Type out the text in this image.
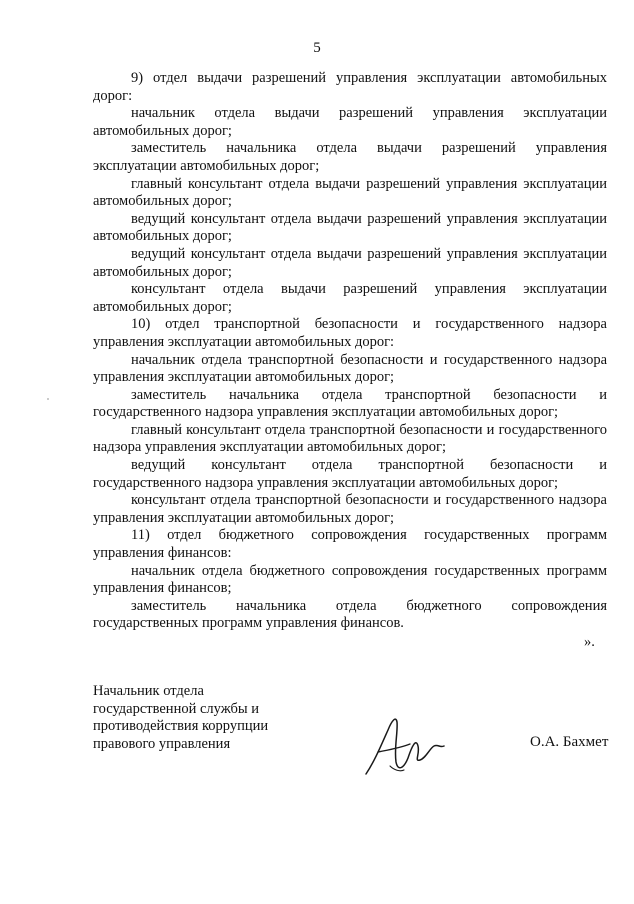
5

9) отдел выдачи разрешений управления эксплуатации автомобильных дорог:

начальник отдела выдачи разрешений управления эксплуатации автомобильных дорог;

заместитель начальника отдела выдачи разрешений управления эксплуатации автомобильных дорог;

главный консультант отдела выдачи разрешений управления эксплуатации автомобильных дорог;

ведущий консультант отдела выдачи разрешений управления эксплуатации автомобильных дорог;

ведущий консультант отдела выдачи разрешений управления эксплуатации автомобильных дорог;

консультант отдела выдачи разрешений управления эксплуатации автомобильных дорог;

10) отдел транспортной безопасности и государственного надзора управления эксплуатации автомобильных дорог:

начальник отдела транспортной безопасности и государственного надзора управления эксплуатации автомобильных дорог;

заместитель начальника отдела транспортной безопасности и государственного надзора управления эксплуатации автомобильных дорог;

главный консультант отдела транспортной безопасности и государственного надзора управления эксплуатации автомобильных дорог;

ведущий консультант отдела транспортной безопасности и государственного надзора управления эксплуатации автомобильных дорог;

консультант отдела транспортной безопасности и государственного надзора управления эксплуатации автомобильных дорог;

11) отдел бюджетного сопровождения государственных программ управления финансов:

начальник отдела бюджетного сопровождения государственных программ управления финансов;

заместитель начальника отдела бюджетного сопровождения государственных программ управления финансов.

».
Начальник отдела
государственной службы и
противодействия коррупции
правового управления	О.А. Бахмет
